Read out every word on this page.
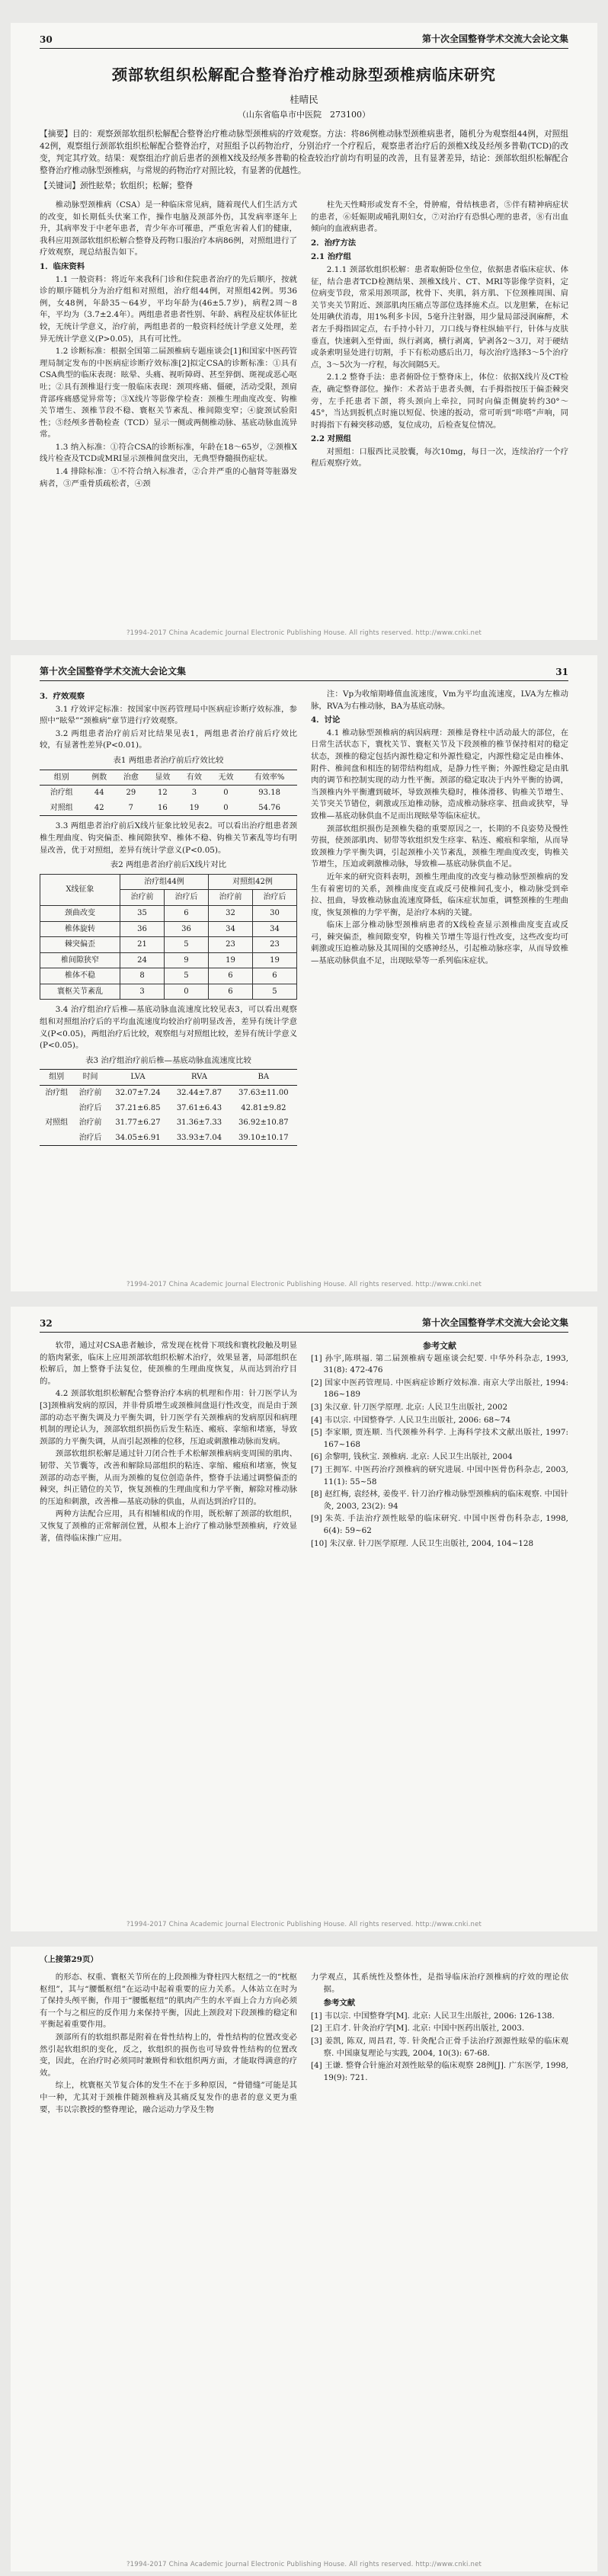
30	第十次全国整脊学术交流大会论文集
颈部软组织松解配合整脊治疗椎动脉型颈椎病临床研究
桂晴民
（山东省临阜市中医院　273100）
【摘要】目的：观察颈部软组织松解配合整脊治疗椎动脉型颈椎病的疗效观察。方法：将86例椎动脉型颈椎病患者，随机分为观察组44例，对照组42例，观察组行颈部软组织松解配合整脊治疗，对照组予以药物治疗，分别治疗一个疗程后，观察患者治疗后的颈椎X线及经颅多普勒(TCD)的改变，判定其疗效。结果：观察组治疗前后患者的颈椎X线及经颅多普勒的检查较治疗前均有明显的改善，且有显著差异，结论：颈部软组织松解配合整脊治疗椎动脉型颈椎病，与常规的药物治疗对照比较，有显著的优越性。
【关键词】颈性眩晕；软组织；松解；整脊

椎动脉型颈椎病（CSA）是一种临床常见病，随着现代人们生活方式的改变，如长期低头伏案工作，操作电脑及颈部外伤，其发病率逐年上升，其病率发于中老年患者，青少年亦可罹患，严重危害着人们的健康，我科应用颈部软组织松解合整脊及药物口服治疗本病86例，对照组进行了疗效观察，现总结报告如下。

1．临床资料

1.1 一般资料：将近年来我科门诊和住院患者治疗的先后顺序，按就诊的顺序随机分为治疗组和对照组，治疗组44例，对照组42例。男36例，女48例，年龄35～64岁，平均年龄为(46±5.7岁)，病程2周～8年，平均为（3.7±2.4年）。两组患者患者性别、年龄、病程及症状体征比较，无统计学意义，治疗前，两组患者的一般资料经统计学意义处理，差异无统计学意义(P>0.05)，具有可比性。

1.2 诊断标准：根据全国第二届颈椎病专题座谈会[1]和国家中医药管理局制定发布的中医病症诊断疗效标准[2]拟定CSA的诊断标准：①具有CSA典型的临床表现：眩晕、头痛、视听障碍、甚至猝倒、斑视或恶心呕吐；②具有颈椎退行变一般临床表现：颈项疼痛、僵硬，活动受限，颈肩背部疼痛感觉异常等；③X线片等影像学检查：颈椎生理曲度改变、钩椎关节增生、颈椎节段不稳、寰枢关节紊乱、椎间隙变窄；④旋颈试验阳性；⑤经颅多普勒检查（TCD）显示一侧或两侧椎动脉、基底动脉血流异常。

1.3 纳入标准：①符合CSA的诊断标准，年龄在18～65岁，②颈椎X线片检查及TCD或MRI显示颈椎间盘突出，无典型脊髓损伤症状。

1.4 排除标准：①不符合纳入标准者，②合并严重的心脑肾等脏器发病者，③严重骨质疏松者，④颈

柱先天性畸形或发育不全，骨肿瘤，骨结核患者，⑤伴有精神病症状的患者，⑥妊娠期或哺乳期妇女，⑦对治疗有恐惧心理的患者，⑧有出血倾向的血液病患者。

2．治疗方法

2.1 治疗组

2.1.1 颈部软组织松解：患者取俯卧位坐位，依据患者临床症状、体征，结合患者TCD检测结果、颈椎X线片、CT、MRI等影像学资料，定位病变节段，常采用颈项部，枕骨下、夹肌，斜方肌、下位颈椎周围、肩关节夹关节附近、颈部肌肉压痛点等部位选择施术点。以龙胆紫，在标记处用碘伏消毒，用1%利多卡因，5毫升注射器，用少量局部浸润麻醉，术者左手拇指固定点，右手持小针刀，刀口线与脊柱纵轴平行，针体与皮肤垂直，快速刺入至骨面，纵行剥离，横行剥离，铲剥各2～3刀，对于硬结或条索明显处进行切割，手下有松动感后出刀，每次治疗选择3～5个治疗点，3～5次为一疗程，每次间隔5天。

2.1.2 整脊手法：患者俯卧位于整脊床上，体位：依据X线片及CT检查，确定整脊部位。操作：术者站于患者头侧，右手拇指按压于偏歪棘突旁，左手托患者下颌，将头颈向上牵拉，同时向偏歪侧旋转约30°～45°，当达到扳机点时施以短促、快速的扳动，常可听到“咔嗒”声响，同时拇指下有棘突移动感，复位成功，后检查复位情况。

2.2 对照组

对照组：口服西比灵胶囊，每次10mg，每日一次，连续治疗一个疗程后观察疗效。

?1994-2017 China Academic Journal Electronic Publishing House. All rights reserved. http://www.cnki.net
第十次全国整脊学术交流大会论文集	31

3．疗效观察

3.1 疗效评定标准：按国家中医药管理局中医病症诊断疗效标准，参照中“眩晕”“颈椎病”章节进行疗效观察。

3.2 两组患者治疗前后对比结果见表1，两组患者治疗前后疗效比较，有显著性差异(P<0.01)。

表1 两组患者治疗前后疗效比较

组别	例数	治愈	显效	有效	无效	有效率%
治疗组	44	29	12	3	0	93.18
对照组	42	7	16	19	0	54.76

3.3 两组患者治疗前后X线片征象比较见表2。可以看出治疗组患者颈椎生理曲度、钩突偏歪、椎间隙狭窄、椎体不稳、钩椎关节紊乱等均有明显改善，优于对照组，差异有统计学意义(P<0.05)。

表2 两组患者治疗前后X线片对比

X线征象	治疗组44例		对照组42例	
	治疗前	治疗后	治疗前	治疗后
颈曲改变	35	6	32	30
椎体旋转	36	36	34	34
棘突偏歪	21	5	23	23
椎间隙狭窄	24	9	19	19
椎体不稳	8	5	6	6
寰枢关节紊乱	3	0	6	5

3.4 治疗组治疗后椎—基底动脉血流速度比较见表3，可以看出观察组和对照组治疗后的平均血流速度均较治疗前明显改善，差异有统计学意义(P<0.05)，两组治疗后比较，观察组与对照组比较，差异有统计学意义(P<0.05)。

表3 治疗组治疗前后椎—基底动脉血流速度比较

组别	时间	LVA	RVA	BA
治疗组	治疗前	32.07±7.24	32.44±7.87	37.63±11.00
	治疗后	37.21±6.85	37.61±6.43	42.81±9.82
对照组	治疗前	31.77±6.27	31.36±7.33	36.92±10.87
	治疗后	34.05±6.91	33.93±7.04	39.10±10.17

注：Vp为收缩期峰值血流速度，Vm为平均血流速度，LVA为左椎动脉，RVA为右椎动脉，BA为基底动脉。

4．讨论

4.1 椎动脉型颈椎病的病因病理：颈椎是脊柱中活动最大的部位，在日常生活状态下，寰枕关节、寰枢关节及下段颈椎的椎节保持相对的稳定状态，颈椎的稳定包括内源性稳定和外源性稳定，内源性稳定是由椎体、附件、椎间盘和相连的韧带结构组成，是静力性平衡；外源性稳定是由肌肉的调节和控制实现的动力性平衡。颈部的稳定取决于内外平衡的协调，当颈椎内外平衡遭到破坏，导致颈椎失稳时，椎体滑移、钩椎关节增生、关节突关节错位，刺激或压迫椎动脉，造成椎动脉痉挛、扭曲或狭窄，导致椎—基底动脉供血不足而出现眩晕等临床症状。

颈部软组织损伤是颈椎失稳的重要原因之一，长期的不良姿势及慢性劳损，使颈部肌肉、韧带等软组织发生痉挛、粘连、瘢痕和挛缩，从而导致颈椎力学平衡失调，引起颈椎小关节紊乱，颈椎生理曲度改变，钩椎关节增生，压迫或刺激椎动脉，导致椎—基底动脉供血不足。

近年来的研究资料表明，颈椎生理曲度的改变与椎动脉型颈椎病的发生有着密切的关系，颈椎曲度变直或反弓使椎间孔变小，椎动脉受到牵拉、扭曲，导致椎动脉血流速度降低，临床症状加重，调整颈椎的生理曲度，恢复颈椎的力学平衡，是治疗本病的关键。

临床上部分椎动脉型颈椎病患者的X线检查显示颈椎曲度变直或反弓，棘突偏歪，椎间隙变窄，钩椎关节增生等退行性改变，这些改变均可刺激或压迫椎动脉及其周围的交感神经丛，引起椎动脉痉挛，从而导致椎—基底动脉供血不足，出现眩晕等一系列临床症状。

?1994-2017 China Academic Journal Electronic Publishing House. All rights reserved. http://www.cnki.net
32	第十次全国整脊学术交流大会论文集

软带，通过对CSA患者触诊，常发现在枕骨下项线和寰枕段触及明显的筋肉紧张，临床上应用颈部软组织松解术治疗，效果显著，局部组织在松解后，加上整脊手法复位，使颈椎的生理曲度恢复，从而达到治疗目的。

4.2 颈部软组织松解配合整脊治疗本病的机理和作用：针刀医学认为[3]颈椎病发病的原因，并非骨质增生或颈椎间盘退行性改变，而是由于颈部的动态平衡失调及力平衡失调，针刀医学有关颈椎病的发病原因和病理机制的理论认为，颈部软组织损伤后发生粘连、瘢痕、挛缩和堵塞，导致颈部的力平衡失调，从而引起颈椎的位移，压迫或刺激椎动脉而发病。

颈部软组织松解是通过针刀闭合性手术松解颈椎病病变周围的肌肉、韧带、关节囊等，改善和解除局部组织的粘连、挛缩、瘢痕和堵塞，恢复颈部的动态平衡，从而为颈椎的复位创造条件，整脊手法通过调整偏歪的棘突，纠正错位的关节，恢复颈椎的生理曲度和力学平衡，解除对椎动脉的压迫和刺激，改善椎—基底动脉的供血，从而达到治疗目的。

两种方法配合应用，具有相辅相成的作用，既松解了颈部的软组织，又恢复了颈椎的正常解剖位置，从根本上治疗了椎动脉型颈椎病，疗效显著，值得临床推广应用。

参考文献

[1] 孙宇,陈琪福. 第二届颈椎病专题座谈会纪要. 中华外科杂志, 1993, 31(8): 472-476

[2] 国家中医药管理局. 中医病症诊断疗效标准. 南京大学出版社, 1994: 186~189

[3] 朱汉章. 针刀医学原理. 北京: 人民卫生出版社, 2002

[4] 韦以宗. 中国整脊学. 人民卫生出版社, 2006: 68~74

[5] 李家顺, 贾连顺. 当代颈椎外科学. 上海科学技术文献出版社, 1997: 167~168

[6] 余黎明, 钱秋宝. 颈椎病. 北京: 人民卫生出版社, 2004

[7] 王拥军. 中医药治疗颈椎病的研究进展. 中国中医骨伤科杂志, 2003, 11(1): 55~58

[8] 赵红梅, 袁经林, 姜俊平. 针刀治疗椎动脉型颈椎病的临床观察. 中国针灸, 2003, 23(2): 94

[9] 朱英. 手法治疗颈性眩晕的临床研究. 中国中医骨伤科杂志, 1998, 6(4): 59~62

[10] 朱汉章. 针刀医学原理. 人民卫生出版社, 2004, 104~128

?1994-2017 China Academic Journal Electronic Publishing House. All rights reserved. http://www.cnki.net
（上接第29页）

的形态、权重、寰枢关节所在的上段颈椎为脊柱四大枢纽之一的“枕枢枢纽”，其与“腰骶枢纽”在运动中起着重要的应力关系。人体站立在时为了保持头颅平衡，作用于“腰骶枢纽”的肌肉产生的水平面上合力方向必须有一个与之相应的反作用力来保持平衡，因此上颈段对下段颈椎的稳定和平衡起着重要作用。

颈部所有的软组织都是附着在骨性结构上的，骨性结构的位置改变必然引起软组织的变化，反之，软组织的损伤也可导致骨性结构的位置改变，因此，在治疗时必须同时兼顾骨和软组织两方面，才能取得满意的疗效。

综上，枕寰枢关节复合体的发生不在于多种原因，“骨错缝”可能是其中一种，尤其对于颈椎伴随颈椎病及其痛反复发作的患者的意义更为重要，韦以宗教授的整脊理论，融合运动力学及生物

力学观点，其系统性及整体性，是指导临床治疗颈椎病的疗效的理论依据。

参考文献

[1] 韦以宗. 中国整脊学[M]. 北京: 人民卫生出版社, 2006: 126-138.

[2] 王启才. 针灸治疗学[M]. 北京: 中国中医药出版社, 2003.

[3] 姜凯, 陈双, 周昌君, 等. 针灸配合正骨手法治疗颈源性眩晕的临床观察. 中国康复理论与实践, 2004, 10(3): 67-68.

[4] 王谦. 整脊合针施治对颈性眩晕的临床观察 28例[J]. 广东医学, 1998, 19(9): 721.

?1994-2017 China Academic Journal Electronic Publishing House. All rights reserved. http://www.cnki.net
